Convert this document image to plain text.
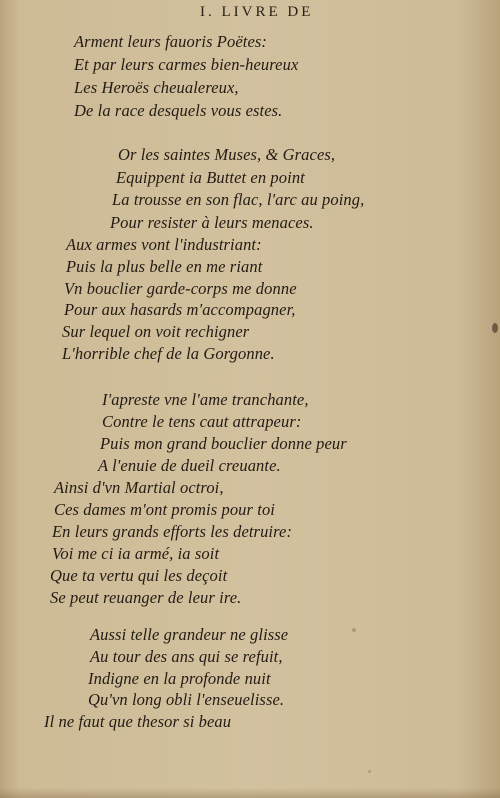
I. LIVRE DE
Arment leurs fauoris Poëtes:
Et par leurs carmes bien-heureux
Les Heroës cheualereux,
De la race desquels vous estes.
Or les saintes Muses, & Graces,
Equippent ia Buttet en point
La trousse en son flac, l'arc au poing,
Pour resister à leurs menaces.
Aux armes vont l'industriant:
Puis la plus belle en me riant
Vn bouclier garde-corps me donne
Pour aux hasards m'accompagner,
Sur lequel on voit rechigner
L'horrible chef de la Gorgonne.
I'apreste vne l'ame tranchante,
Contre le tens caut attrapeur:
Puis mon grand bouclier donne peur
A l'enuie de dueil creuante.
Ainsi d'vn Martial octroi,
Ces dames m'ont promis pour toi
En leurs grands efforts les detruire:
Voi me ci ia armé, ia soit
Que ta vertu qui les deçoit
Se peut reuanger de leur ire.
Aussi telle grandeur ne glisse
Au tour des ans qui se refuit,
Indigne en la profonde nuit
Qu'vn long obli l'enseuelisse.
Il ne faut que thesor si beau
